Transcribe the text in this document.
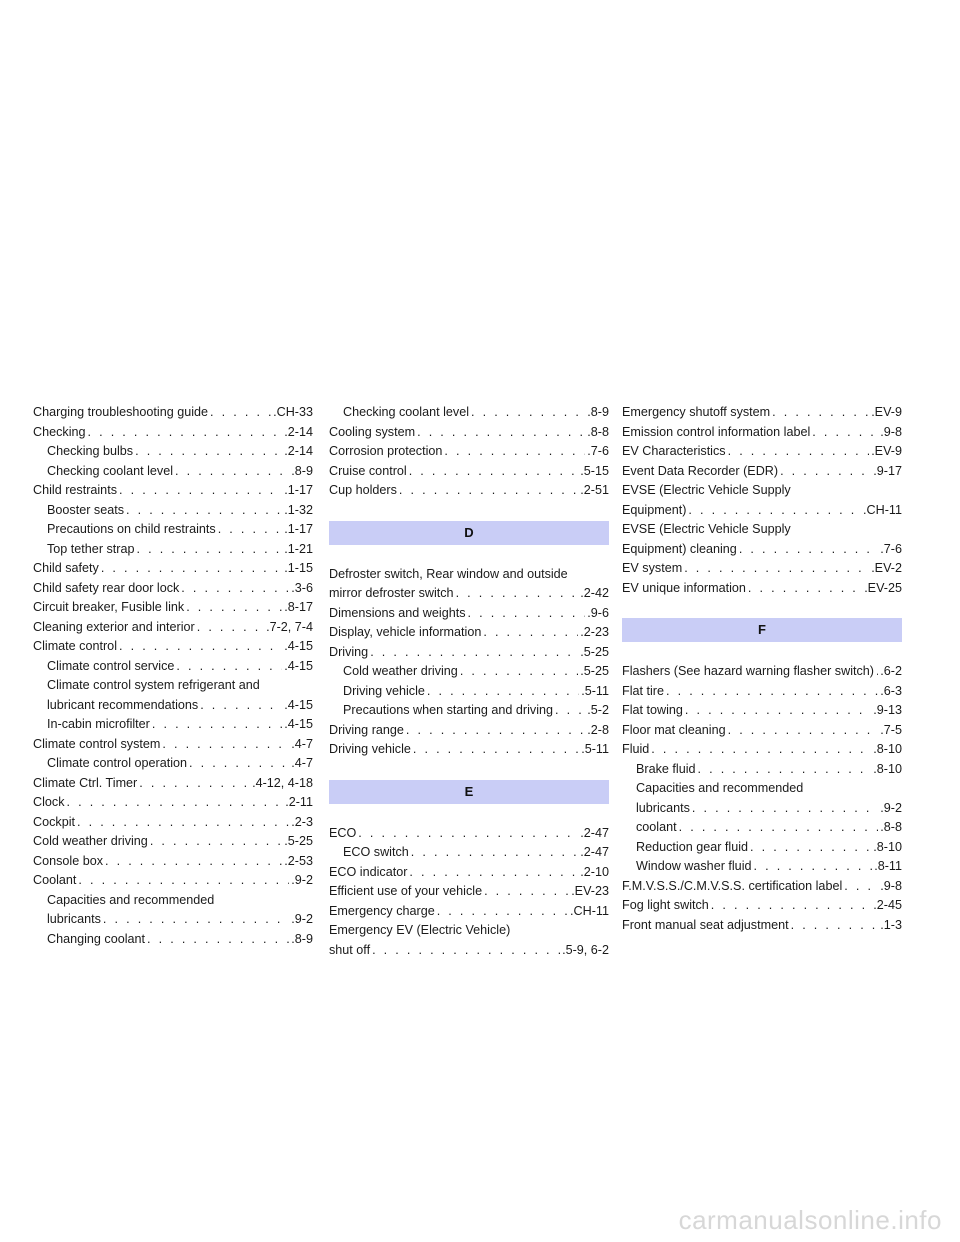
Charging troubleshooting guide . . .	.CH-33
Checking . . .	.2-14
Checking bulbs . . .	.2-14
Checking coolant level . . .	.8-9
Child restraints . . .	.1-17
Booster seats . . .	.1-32
Precautions on child restraints . . .	.1-17
Top tether strap . . .	.1-21
Child safety . . .	.1-15
Child safety rear door lock . . .	.3-6
Circuit breaker, Fusible link . . .	.8-17
Cleaning exterior and interior . . .	.7-2, 7-4
Climate control . . .	.4-15
Climate control service . . .	.4-15
Climate control system refrigerant and
lubricant recommendations . . .	.4-15
In-cabin microfilter . . .	.4-15
Climate control system . . .	.4-7
Climate control operation . . .	.4-7
Climate Ctrl. Timer . . .	.4-12, 4-18
Clock . . .	.2-11
Cockpit . . .	.2-3
Cold weather driving . . .	.5-25
Console box . . .	.2-53
Coolant . . .	.9-2
Capacities and recommended
lubricants . . .	.9-2
Changing coolant . . .	.8-9
Checking coolant level . . .	.8-9
Cooling system . . .	.8-8
Corrosion protection . . .	.7-6
Cruise control . . .	.5-15
Cup holders . . .	.2-51
D
Defroster switch, Rear window and outside
mirror defroster switch . . .	.2-42
Dimensions and weights . . .	.9-6
Display, vehicle information . . .	.2-23
Driving . . .	.5-25
Cold weather driving . . .	.5-25
Driving vehicle . . .	.5-11
Precautions when starting and driving . . .	.5-2
Driving range . . .	.2-8
Driving vehicle . . .	.5-11
E
ECO . . .	.2-47
ECO switch . . .	.2-47
ECO indicator . . .	.2-10
Efficient use of your vehicle . . .	.EV-23
Emergency charge . . .	.CH-11
Emergency EV (Electric Vehicle)
shut off . . .	.5-9, 6-2
Emergency shutoff system . . .	.EV-9
Emission control information label . . .	.9-8
EV Characteristics . . .	.EV-9
Event Data Recorder (EDR) . . .	.9-17
EVSE (Electric Vehicle Supply
Equipment) . . .	.CH-11
EVSE (Electric Vehicle Supply
Equipment) cleaning . . .	.7-6
EV system . . .	.EV-2
EV unique information . . .	.EV-25
F
Flashers (See hazard warning flasher switch) . . . .6-2
Flat tire . . .	.6-3
Flat towing . . .	.9-13
Floor mat cleaning . . .	.7-5
Fluid . . .	.8-10
Brake fluid . . .	.8-10
Capacities and recommended
lubricants . . .	.9-2
coolant . . .	.8-8
Reduction gear fluid . . .	.8-10
Window washer fluid . . .	.8-11
F.M.V.S.S./C.M.V.S.S. certification label . . .	.9-8
Fog light switch . . .	.2-45
Front manual seat adjustment . . .	.1-3
carmanualsonline.info
